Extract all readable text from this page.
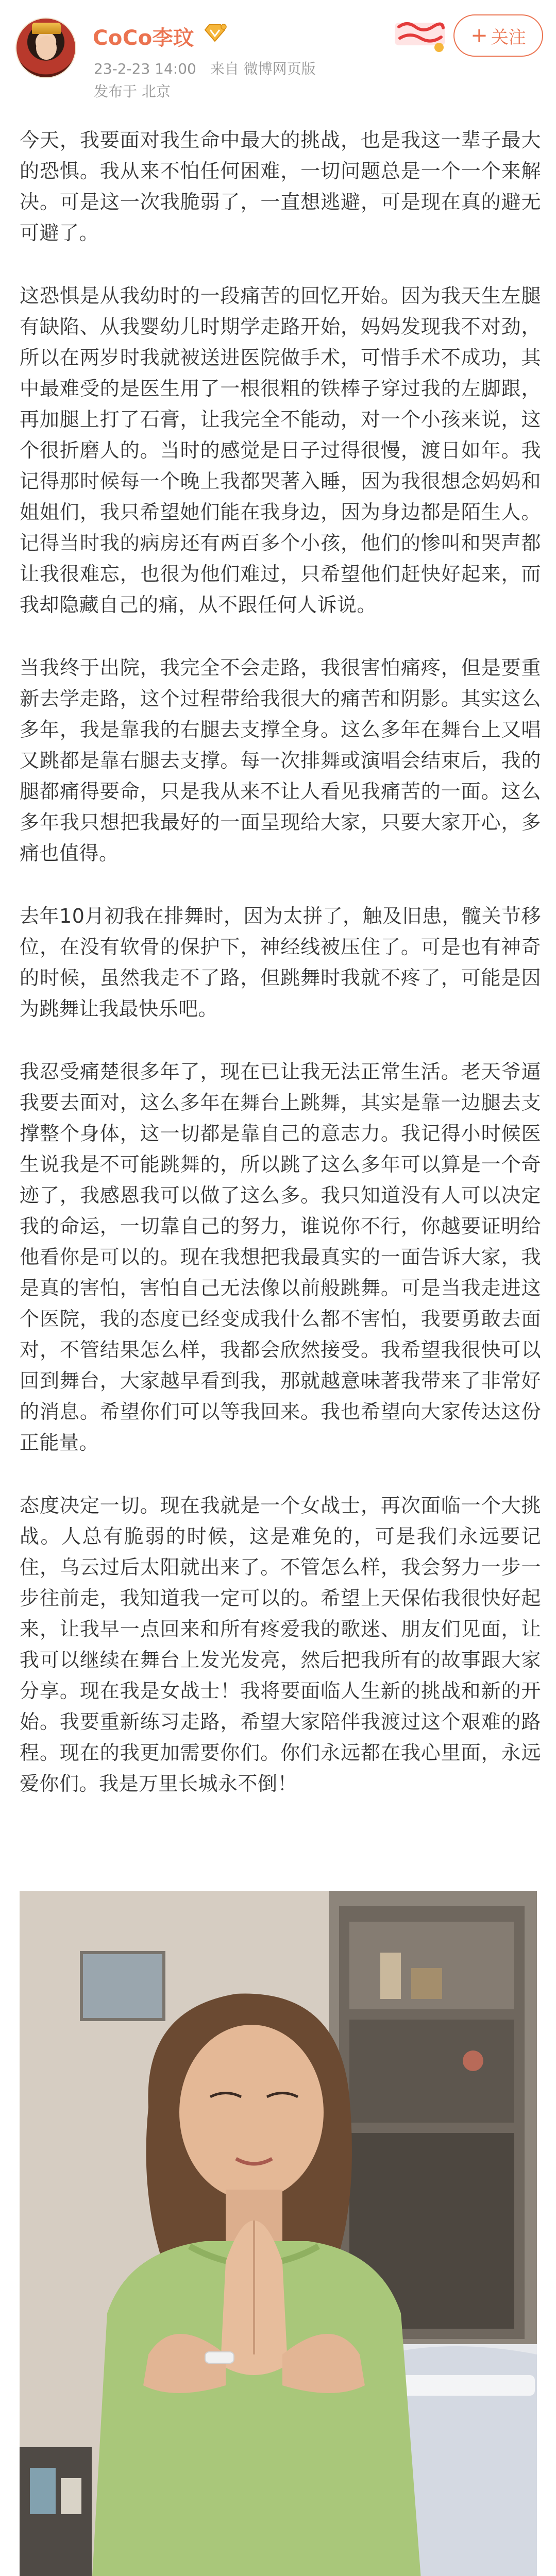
CoCo李玟
23-2-23 14:00 来自 微博网页版
发布于 北京
+ 关注

今天，我要面对我生命中最大的挑战，也是我这一辈子最大的恐惧。我从来不怕任何困难，一切问题总是一个一个来解决。可是这一次我脆弱了，一直想逃避，可是现在真的避无可避了。

这恐惧是从我幼时的一段痛苦的回忆开始。因为我天生左腿有缺陷、从我婴幼儿时期学走路开始，妈妈发现我不对劲，所以在两岁时我就被送进医院做手术，可惜手术不成功，其中最难受的是医生用了一根很粗的铁棒子穿过我的左脚跟，再加腿上打了石膏，让我完全不能动，对一个小孩来说，这个很折磨人的。当时的感觉是日子过得很慢，渡日如年。我记得那时候每一个晚上我都哭著入睡，因为我很想念妈妈和姐姐们，我只希望她们能在我身边，因为身边都是陌生人。记得当时我的病房还有两百多个小孩，他们的惨叫和哭声都让我很难忘，也很为他们难过，只希望他们赶快好起来，而我却隐藏自己的痛，从不跟任何人诉说。

当我终于出院，我完全不会走路，我很害怕痛疼，但是要重新去学走路，这个过程带给我很大的痛苦和阴影。其实这么多年，我是靠我的右腿去支撑全身。这么多年在舞台上又唱又跳都是靠右腿去支撑。每一次排舞或演唱会结束后，我的腿都痛得要命，只是我从来不让人看见我痛苦的一面。这么多年我只想把我最好的一面呈现给大家，只要大家开心，多痛也值得。

去年10月初我在排舞时，因为太拼了，触及旧患，髋关节移位，在没有软骨的保护下，神经线被压住了。可是也有神奇的时候，虽然我走不了路，但跳舞时我就不疼了，可能是因为跳舞让我最快乐吧。

我忍受痛楚很多年了，现在已让我无法正常生活。老天爷逼我要去面对，这么多年在舞台上跳舞，其实是靠一边腿去支撑整个身体，这一切都是靠自己的意志力。我记得小时候医生说我是不可能跳舞的，所以跳了这么多年可以算是一个奇迹了，我感恩我可以做了这么多。我只知道没有人可以决定我的命运，一切靠自己的努力，谁说你不行，你越要证明给他看你是可以的。现在我想把我最真实的一面告诉大家，我是真的害怕，害怕自己无法像以前般跳舞。可是当我走进这个医院，我的态度已经变成我什么都不害怕，我要勇敢去面对，不管结果怎么样，我都会欣然接受。我希望我很快可以回到舞台，大家越早看到我，那就越意味著我带来了非常好的消息。希望你们可以等我回来。我也希望向大家传达这份正能量。

态度决定一切。现在我就是一个女战士，再次面临一个大挑战。人总有脆弱的时候，这是难免的，可是我们永远要记住，乌云过后太阳就出来了。不管怎么样，我会努力一步一步往前走，我知道我一定可以的。希望上天保佑我很快好起来，让我早一点回来和所有疼爱我的歌迷、朋友们见面，让我可以继续在舞台上发光发亮，然后把我所有的故事跟大家分享。现在我是女战士！我将要面临人生新的挑战和新的开始。我要重新练习走路，希望大家陪伴我渡过这个艰难的路程。现在的我更加需要你们。你们永远都在我心里面，永远爱你们。我是万里长城永不倒！
